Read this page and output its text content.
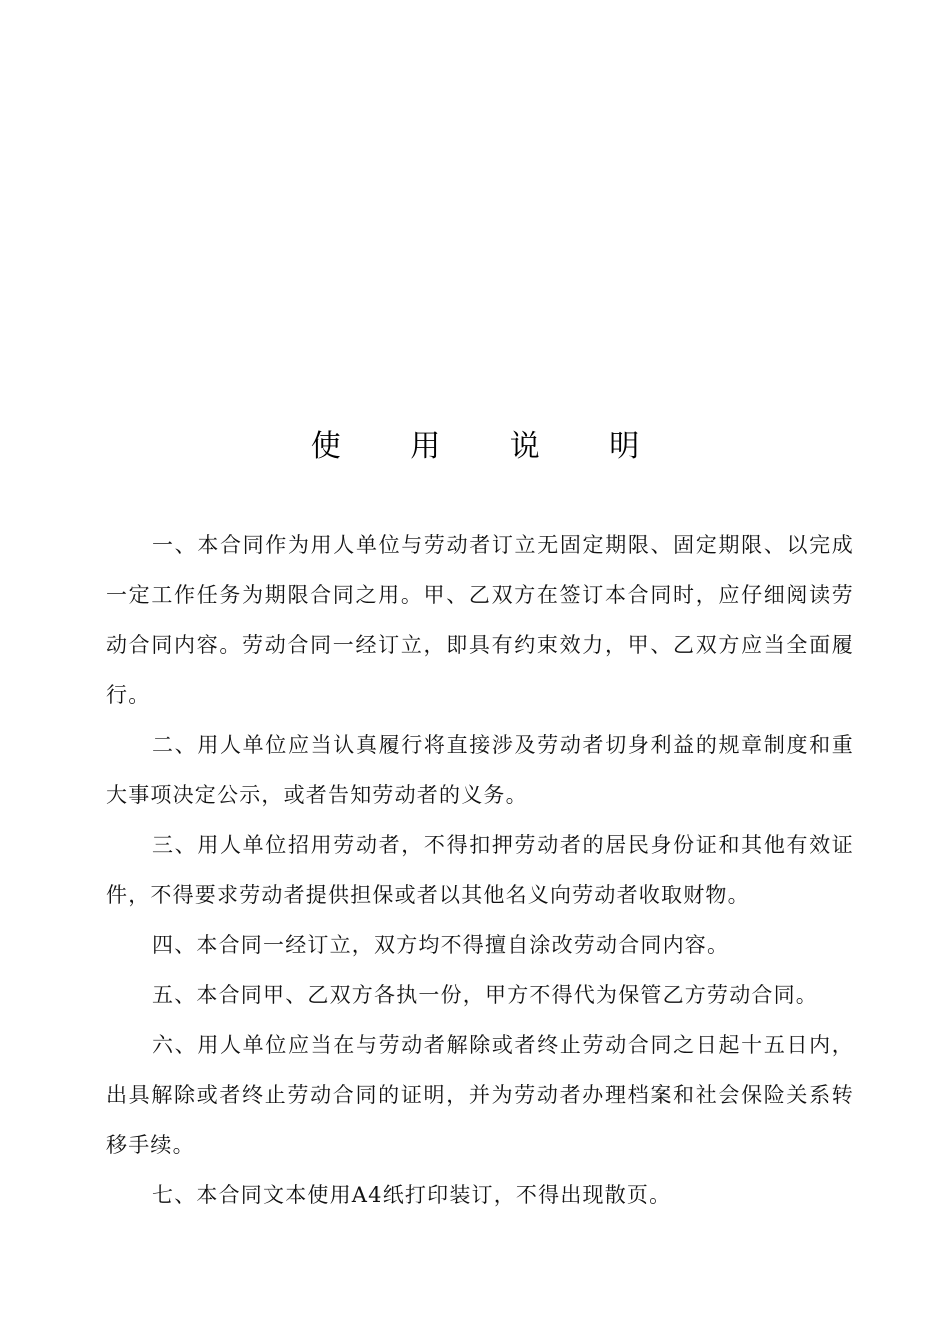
使 用 说 明

一、本合同作为用人单位与劳动者订立无固定期限、固定期限、以完成一定工作任务为期限合同之用。甲、乙双方在签订本合同时，应仔细阅读劳动合同内容。劳动合同一经订立，即具有约束效力，甲、乙双方应当全面履行。

二、用人单位应当认真履行将直接涉及劳动者切身利益的规章制度和重大事项决定公示，或者告知劳动者的义务。

三、用人单位招用劳动者，不得扣押劳动者的居民身份证和其他有效证件，不得要求劳动者提供担保或者以其他名义向劳动者收取财物。

四、本合同一经订立，双方均不得擅自涂改劳动合同内容。

五、本合同甲、乙双方各执一份，甲方不得代为保管乙方劳动合同。

六、用人单位应当在与劳动者解除或者终止劳动合同之日起十五日内，出具解除或者终止劳动合同的证明，并为劳动者办理档案和社会保险关系转移手续。

七、本合同文本使用A4纸打印装订，不得出现散页。
